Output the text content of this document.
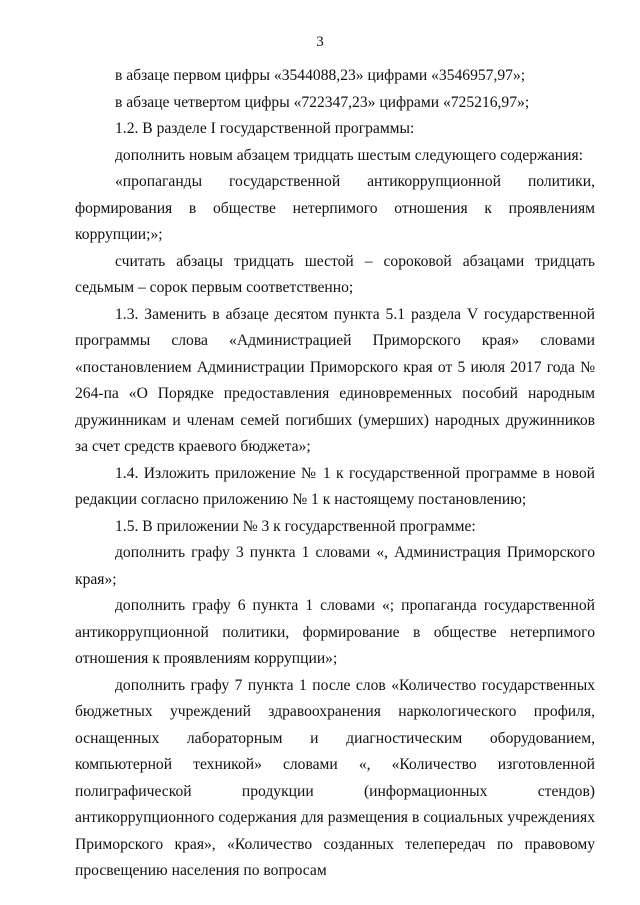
3

в абзаце первом цифры «3544088,23» цифрами «3546957,97»;

в абзаце четвертом цифры «722347,23» цифрами «725216,97»;

1.2. В разделе I государственной программы:

дополнить новым абзацем тридцать шестым следующего содержания:

«пропаганды государственной антикоррупционной политики, формирования в обществе нетерпимого отношения к проявлениям коррупции;»;

считать абзацы тридцать шестой – сороковой абзацами тридцать седьмым – сорок первым соответственно;

1.3. Заменить в абзаце десятом пункта 5.1 раздела V государственной программы слова «Администрацией Приморского края» словами «постановлением Администрации Приморского края от 5 июля 2017 года № 264-па «О Порядке предоставления единовременных пособий народным дружинникам и членам семей погибших (умерших) народных дружинников за счет средств краевого бюджета»;

1.4. Изложить приложение № 1 к государственной программе в новой редакции согласно приложению № 1 к настоящему постановлению;

1.5. В приложении № 3 к государственной программе:

дополнить графу 3 пункта 1 словами «, Администрация Приморского края»;

дополнить графу 6 пункта 1 словами «; пропаганда государственной антикоррупционной политики, формирование в обществе нетерпимого отношения к проявлениям коррупции»;

дополнить графу 7 пункта 1 после слов «Количество государственных бюджетных учреждений здравоохранения наркологического профиля, оснащенных лабораторным и диагностическим оборудованием, компьютерной техникой» словами «, «Количество изготовленной полиграфической продукции (информационных стендов) антикоррупционного содержания для размещения в социальных учреждениях Приморского края», «Количество созданных телепередач по правовому просвещению населения по вопросам
